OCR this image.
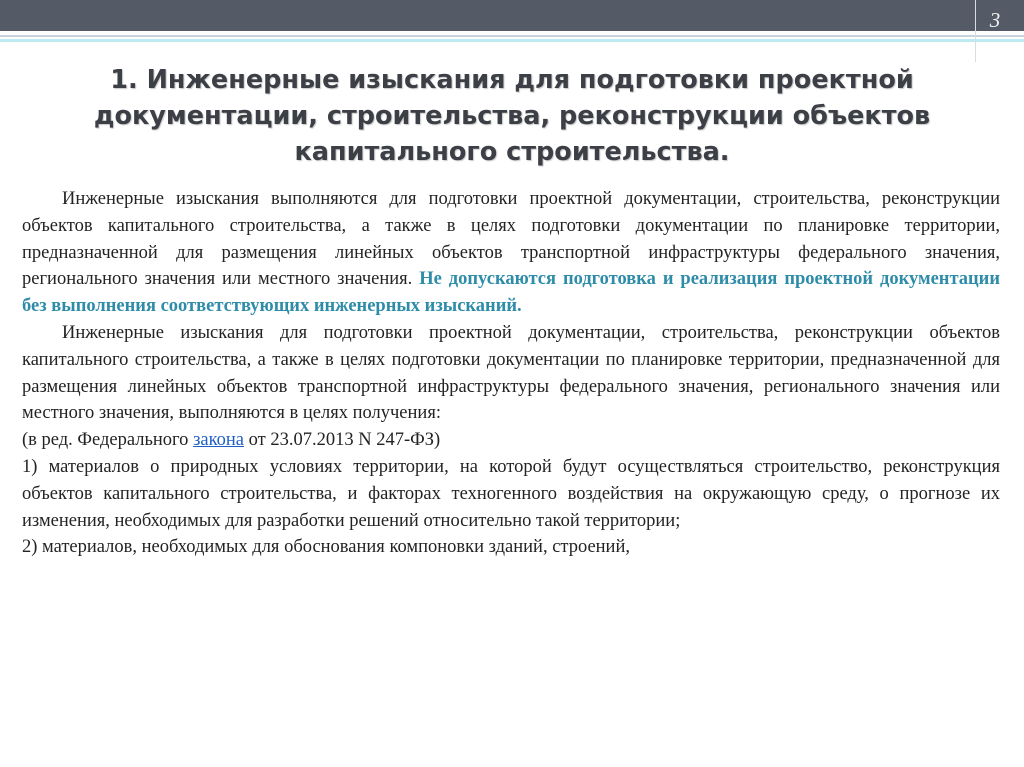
3
1. Инженерные изыскания для подготовки проектной документации, строительства, реконструкции объектов капитального строительства.

Инженерные изыскания выполняются для подготовки проектной документации, строительства, реконструкции объектов капитального строительства, а также в целях подготовки документации по планировке территории, предназначенной для размещения линейных объектов транспортной инфраструктуры федерального значения, регионального значения или местного значения. Не допускаются подготовка и реализация проектной документации без выполнения соответствующих инженерных изысканий.

Инженерные изыскания для подготовки проектной документации, строительства, реконструкции объектов капитального строительства, а также в целях подготовки документации по планировке территории, предназначенной для размещения линейных объектов транспортной инфраструктуры федерального значения, регионального значения или местного значения, выполняются в целях получения:

(в ред. Федерального закона от 23.07.2013 N 247-ФЗ)

1) материалов о природных условиях территории, на которой будут осуществляться строительство, реконструкция объектов капитального строительства, и факторах техногенного воздействия на окружающую среду, о прогнозе их изменения, необходимых для разработки решений относительно такой территории;

2) материалов, необходимых для обоснования компоновки зданий, строений,
